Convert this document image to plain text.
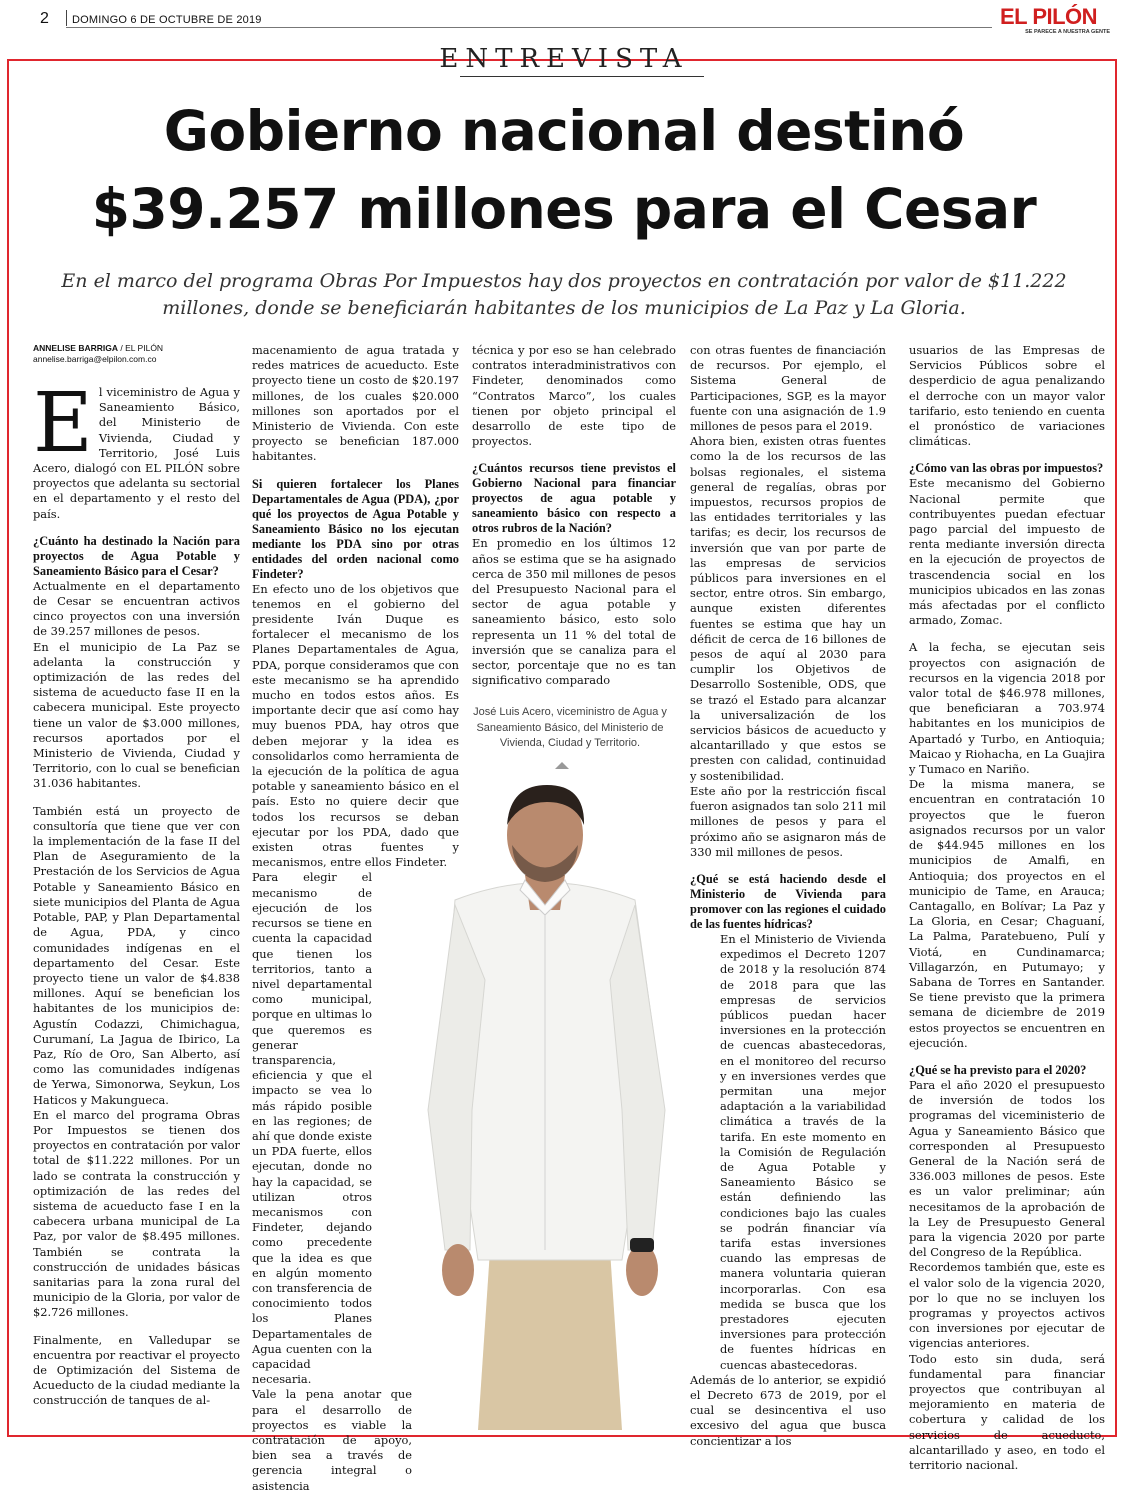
2 DOMINGO 6 DE OCTUBRE DE 2019	EL PILÓN
SE PARECE A NUESTRA GENTE
ENTREVISTA
Gobierno nacional destinó
$39.257 millones para el Cesar
En el marco del programa Obras Por Impuestos hay dos proyectos en contratación por valor de $11.222 millones, donde se beneficiarán habitantes de los municipios de La Paz y La Gloria.
ANNELISE BARRIGA / EL PILÓN
annelise.barriga@elpilon.com.co

El viceministro de Agua y Saneamiento Básico, del Ministerio de Vivienda, Ciudad y Territorio, José Luis Acero, dialogó con EL PILÓN sobre proyectos que adelanta su sectorial en el departamento y el resto del país.

¿Cuánto ha destinado la Nación para proyectos de Agua Potable y Saneamiento Básico para el Cesar?

Actualmente en el departamento de Cesar se encuentran activos cinco proyectos con una inversión de 39.257 millones de pesos.

En el municipio de La Paz se adelanta la construcción y optimización de las redes del sistema de acueducto fase II en la cabecera municipal. Este proyecto tiene un valor de $3.000 millones, recursos aportados por el Ministerio de Vivienda, Ciudad y Territorio, con lo cual se benefician 31.036 habitantes.

También está un proyecto de consultoría que tiene que ver con la implementación de la fase II del Plan de Aseguramiento de la Prestación de los Servicios de Agua Potable y Saneamiento Básico en siete municipios del Planta de Agua Potable, PAP, y Plan Departamental de Agua, PDA, y cinco comunidades indígenas en el departamento del Cesar. Este proyecto tiene un valor de $4.838 millones. Aquí se benefician los habitantes de los municipios de: Agustín Codazzi, Chimichagua, Curumaní, La Jagua de Ibirico, La Paz, Río de Oro, San Alberto, así como las comunidades indígenas de Yerwa, Simonorwa, Seykun, Los Haticos y Makungueca.

En el marco del programa Obras Por Impuestos se tienen dos proyectos en contratación por valor total de $11.222 millones. Por un lado se contrata la construcción y optimización de las redes del sistema de acueducto fase I en la cabecera urbana municipal de La Paz, por valor de $8.495 millones. También se contrata la construcción de unidades básicas sanitarias para la zona rural del municipio de la Gloria, por valor de $2.726 millones.

Finalmente, en Valledupar se encuentra por reactivar el proyecto de Optimización del Sistema de Acueducto de la ciudad mediante la construcción de tanques de al-

macenamiento de agua tratada y redes matrices de acueducto. Este proyecto tiene un costo de $20.197 millones, de los cuales $20.000 millones son aportados por el Ministerio de Vivienda. Con este proyecto se benefician 187.000 habitantes.

Si quieren fortalecer los Planes Departamentales de Agua (PDA), ¿por qué los proyectos de Agua Potable y Saneamiento Básico no los ejecutan mediante los PDA sino por otras entidades del orden nacional como Findeter?

En efecto uno de los objetivos que tenemos en el gobierno del presidente Iván Duque es fortalecer el mecanismo de los Planes Departamentales de Agua, PDA, porque consideramos que con este mecanismo se ha aprendido mucho en todos estos años. Es importante decir que así como hay muy buenos PDA, hay otros que deben mejorar y la idea es consolidarlos como herramienta de la ejecución de la política de agua potable y saneamiento básico en el país. Esto no quiere decir que todos los recursos se deban ejecutar por los PDA, dado que existen otras fuentes y mecanismos, entre ellos Findeter.

Para elegir el mecanismo de ejecución de los recursos se tiene en cuenta la capacidad que tienen los territorios, tanto a nivel departamental como municipal, porque en ultimas lo que queremos es generar transparencia, eficiencia y que el impacto se vea lo más rápido posible en las regiones; de ahí que donde existe un PDA fuerte, ellos ejecutan, donde no hay la capacidad, se utilizan otros mecanismos con Findeter, dejando como precedente que la idea es que en algún momento con transferencia de conocimiento todos los Planes Departamentales de Agua cuenten con la capacidad necesaria.

Vale la pena anotar que para el desarrollo de proyectos es viable la contratación de apoyo, bien sea a través de gerencia integral o asistencia

técnica y por eso se han celebrado contratos interadministrativos con Findeter, denominados como “Contratos Marco”, los cuales tienen por objeto principal el desarrollo de este tipo de proyectos.

¿Cuántos recursos tiene previstos el Gobierno Nacional para financiar proyectos de agua potable y saneamiento básico con respecto a otros rubros de la Nación?

En promedio en los últimos 12 años se estima que se ha asignado cerca de 350 mil millones de pesos del Presupuesto Nacional para el sector de agua potable y saneamiento básico, esto solo representa un 11 % del total de inversión que se canaliza para el sector, porcentaje que no es tan significativo comparado

con otras fuentes de financiación de recursos. Por ejemplo, el Sistema General de Participaciones, SGP, es la mayor fuente con una asignación de 1.9 millones de pesos para el 2019.

Ahora bien, existen otras fuentes como la de los recursos de las bolsas regionales, el sistema general de regalías, obras por impuestos, recursos propios de las entidades territoriales y las tarifas; es decir, los recursos de inversión que van por parte de las empresas de servicios públicos para inversiones en el sector, entre otros. Sin embargo, aunque existen diferentes fuentes se estima que hay un déficit de cerca de 16 billones de pesos de aquí al 2030 para cumplir los Objetivos de Desarrollo Sostenible, ODS, que se trazó el Estado para alcanzar la universalización de los servicios básicos de acueducto y alcantarillado y que estos se presten con calidad, continuidad y sostenibilidad.

Este año por la restricción fiscal fueron asignados tan solo 211 mil millones de pesos y para el próximo año se asignaron más de 330 mil millones de pesos.

¿Qué se está haciendo desde el Ministerio de Vivienda para promover con las regiones el cuidado de las fuentes hídricas?

En el Ministerio de Vivienda expedimos el Decreto 1207 de 2018 y la resolución 874 de 2018 para que las empresas de servicios públicos puedan hacer inversiones en la protección de cuencas abastecedoras, en el monitoreo del recurso y en inversiones verdes que permitan una mejor adaptación a la variabilidad climática a través de la tarifa. En este momento en la Comisión de Regulación de Agua Potable y Saneamiento Básico se están definiendo las condiciones bajo las cuales se podrán financiar vía tarifa estas inversiones cuando las empresas de manera voluntaria quieran incorporarlas. Con esa medida se busca que los prestadores ejecuten inversiones para protección de fuentes hídricas en cuencas abastecedoras.

Además de lo anterior, se expidió el Decreto 673 de 2019, por el cual se desincentiva el uso excesivo del agua que busca concientizar a los

usuarios de las Empresas de Servicios Públicos sobre el desperdicio de agua penalizando el derroche con un mayor valor tarifario, esto teniendo en cuenta el pronóstico de variaciones climáticas.

¿Cómo van las obras por impuestos?

Este mecanismo del Gobierno Nacional permite que contribuyentes puedan efectuar pago parcial del impuesto de renta mediante inversión directa en la ejecución de proyectos de trascendencia social en los municipios ubicados en las zonas más afectadas por el conflicto armado, Zomac.

A la fecha, se ejecutan seis proyectos con asignación de recursos en la vigencia 2018 por valor total de $46.978 millones, que beneficiaran a 703.974 habitantes en los municipios de Apartadó y Turbo, en Antioquia; Maicao y Riohacha, en La Guajira y Tumaco en Nariño.

De la misma manera, se encuentran en contratación 10 proyectos que le fueron asignados recursos por un valor de $44.945 millones en los municipios de Amalfi, en Antioquia; dos proyectos en el municipio de Tame, en Arauca; Cantagallo, en Bolívar; La Paz y La Gloria, en Cesar; Chaguaní, La Palma, Paratebueno, Pulí y Viotá, en Cundinamarca; Villagarzón, en Putumayo; y Sabana de Torres en Santander. Se tiene previsto que la primera semana de diciembre de 2019 estos proyectos se encuentren en ejecución.

¿Qué se ha previsto para el 2020?

Para el año 2020 el presupuesto de inversión de todos los programas del viceministerio de Agua y Saneamiento Básico que corresponden al Presupuesto General de la Nación será de 336.003 millones de pesos. Este es un valor preliminar; aún necesitamos de la aprobación de la Ley de Presupuesto General para la vigencia 2020 por parte del Congreso de la República.

Recordemos también que, este es el valor solo de la vigencia 2020, por lo que no se incluyen los programas y proyectos activos con inversiones por ejecutar de vigencias anteriores.

Todo esto sin duda, será fundamental para financiar proyectos que contribuyan al mejoramiento en materia de cobertura y calidad de los servicios de acueducto, alcantarillado y aseo, en todo el territorio nacional.

José Luis Acero, viceministro de Agua y Saneamiento Básico, del Ministerio de Vivienda, Ciudad y Territorio.
